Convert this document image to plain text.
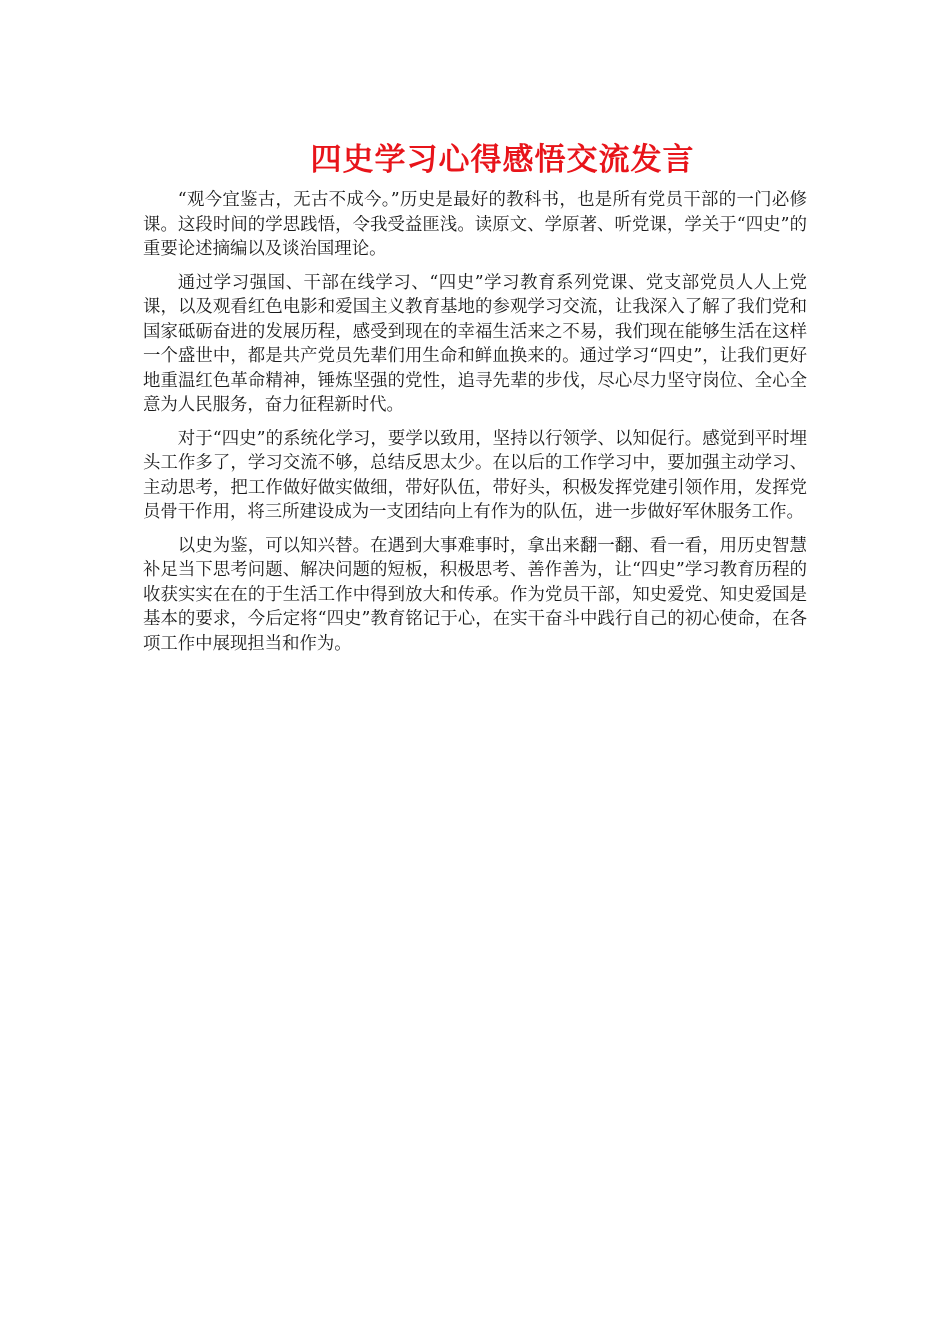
四史学习心得感悟交流发言

“观今宜鉴古，无古不成今。”历史是最好的教科书，也是所有党员干部的一门必修课。这段时间的学思践悟，令我受益匪浅。读原文、学原著、听党课，学关于“四史”的重要论述摘编以及谈治国理论。

通过学习强国、干部在线学习、“四史”学习教育系列党课、党支部党员人人上党课，以及观看红色电影和爱国主义教育基地的参观学习交流，让我深入了解了我们党和国家砥砺奋进的发展历程，感受到现在的幸福生活来之不易，我们现在能够生活在这样一个盛世中，都是共产党员先辈们用生命和鲜血换来的。通过学习“四史”，让我们更好地重温红色革命精神，锤炼坚强的党性，追寻先辈的步伐，尽心尽力坚守岗位、全心全意为人民服务，奋力征程新时代。

对于“四史”的系统化学习，要学以致用，坚持以行领学、以知促行。感觉到平时埋头工作多了，学习交流不够，总结反思太少。在以后的工作学习中，要加强主动学习、主动思考，把工作做好做实做细，带好队伍，带好头，积极发挥党建引领作用，发挥党员骨干作用，将三所建设成为一支团结向上有作为的队伍，进一步做好军休服务工作。

以史为鉴，可以知兴替。在遇到大事难事时，拿出来翻一翻、看一看，用历史智慧补足当下思考问题、解决问题的短板，积极思考、善作善为，让“四史”学习教育历程的收获实实在在的于生活工作中得到放大和传承。作为党员干部，知史爱党、知史爱国是基本的要求，今后定将“四史”教育铭记于心，在实干奋斗中践行自己的初心使命，在各项工作中展现担当和作为。
